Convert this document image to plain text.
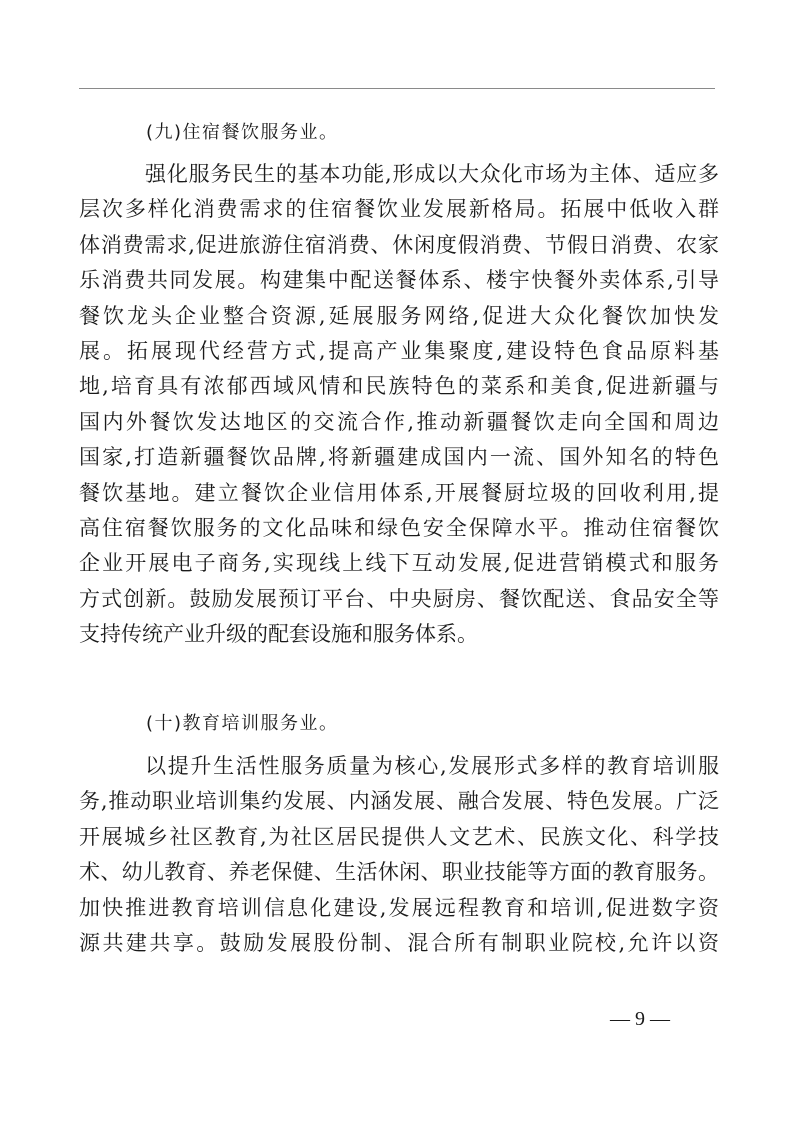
(九)住宿餐饮服务业。
强化服务民生的基本功能,形成以大众化市场为主体、适应多
层次多样化消费需求的住宿餐饮业发展新格局。拓展中低收入群
体消费需求,促进旅游住宿消费、休闲度假消费、节假日消费、农家
乐消费共同发展。构建集中配送餐体系、楼宇快餐外卖体系,引导
餐饮龙头企业整合资源,延展服务网络,促进大众化餐饮加快发
展。拓展现代经营方式,提高产业集聚度,建设特色食品原料基
地,培育具有浓郁西域风情和民族特色的菜系和美食,促进新疆与
国内外餐饮发达地区的交流合作,推动新疆餐饮走向全国和周边
国家,打造新疆餐饮品牌,将新疆建成国内一流、国外知名的特色
餐饮基地。建立餐饮企业信用体系,开展餐厨垃圾的回收利用,提
高住宿餐饮服务的文化品味和绿色安全保障水平。推动住宿餐饮
企业开展电子商务,实现线上线下互动发展,促进营销模式和服务
方式创新。鼓励发展预订平台、中央厨房、餐饮配送、食品安全等
支持传统产业升级的配套设施和服务体系。
(十)教育培训服务业。
以提升生活性服务质量为核心,发展形式多样的教育培训服
务,推动职业培训集约发展、内涵发展、融合发展、特色发展。广泛
开展城乡社区教育,为社区居民提供人文艺术、民族文化、科学技
术、幼儿教育、养老保健、生活休闲、职业技能等方面的教育服务。
加快推进教育培训信息化建设,发展远程教育和培训,促进数字资
源共建共享。鼓励发展股份制、混合所有制职业院校,允许以资
— 9 —
